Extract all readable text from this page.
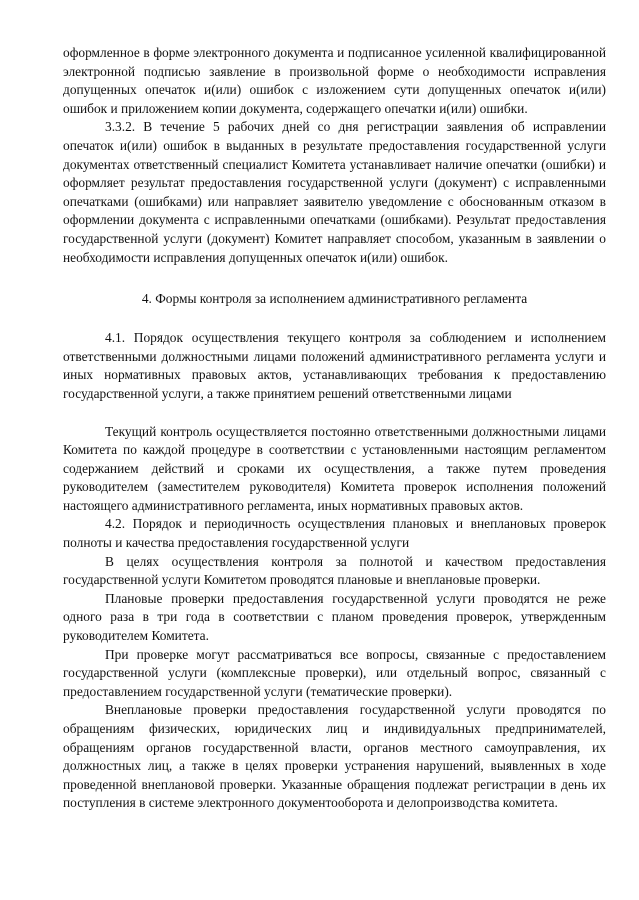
оформленное в форме электронного документа и подписанное усиленной квалифицированной электронной подписью заявление в произвольной форме о необходимости исправления допущенных опечаток и(или) ошибок с изложением сути допущенных опечаток и(или) ошибок и приложением копии документа, содержащего опечатки и(или) ошибки.

3.3.2. В течение 5 рабочих дней со дня регистрации заявления об исправлении опечаток и(или) ошибок в выданных в результате предоставления государственной услуги документах ответственный специалист Комитета устанавливает наличие опечатки (ошибки) и оформляет результат предоставления государственной услуги (документ) с исправленными опечатками (ошибками) или направляет заявителю уведомление с обоснованным отказом в оформлении документа с исправленными опечатками (ошибками). Результат предоставления государственной услуги (документ) Комитет направляет способом, указанным в заявлении о необходимости исправления допущенных опечаток и(или) ошибок.

4. Формы контроля за исполнением административного регламента

4.1. Порядок осуществления текущего контроля за соблюдением и исполнением ответственными должностными лицами положений административного регламента услуги и иных нормативных правовых актов, устанавливающих требования к предоставлению государственной услуги, а также принятием решений ответственными лицами

Текущий контроль осуществляется постоянно ответственными должностными лицами Комитета по каждой процедуре в соответствии с установленными настоящим регламентом содержанием действий и сроками их осуществления, а также путем проведения руководителем (заместителем руководителя) Комитета проверок исполнения положений настоящего административного регламента, иных нормативных правовых актов.

4.2. Порядок и периодичность осуществления плановых и внеплановых проверок полноты и качества предоставления государственной услуги

В целях осуществления контроля за полнотой и качеством предоставления государственной услуги Комитетом проводятся плановые и внеплановые проверки.

Плановые проверки предоставления государственной услуги проводятся не реже одного раза в три года в соответствии с планом проведения проверок, утвержденным руководителем Комитета.

При проверке могут рассматриваться все вопросы, связанные с предоставлением государственной услуги (комплексные проверки), или отдельный вопрос, связанный с предоставлением государственной услуги (тематические проверки).

Внеплановые проверки предоставления государственной услуги проводятся по обращениям физических, юридических лиц и индивидуальных предпринимателей, обращениям органов государственной власти, органов местного самоуправления, их должностных лиц, а также в целях проверки устранения нарушений, выявленных в ходе проведенной внеплановой проверки. Указанные обращения подлежат регистрации в день их поступления в системе электронного документооборота и делопроизводства комитета.
